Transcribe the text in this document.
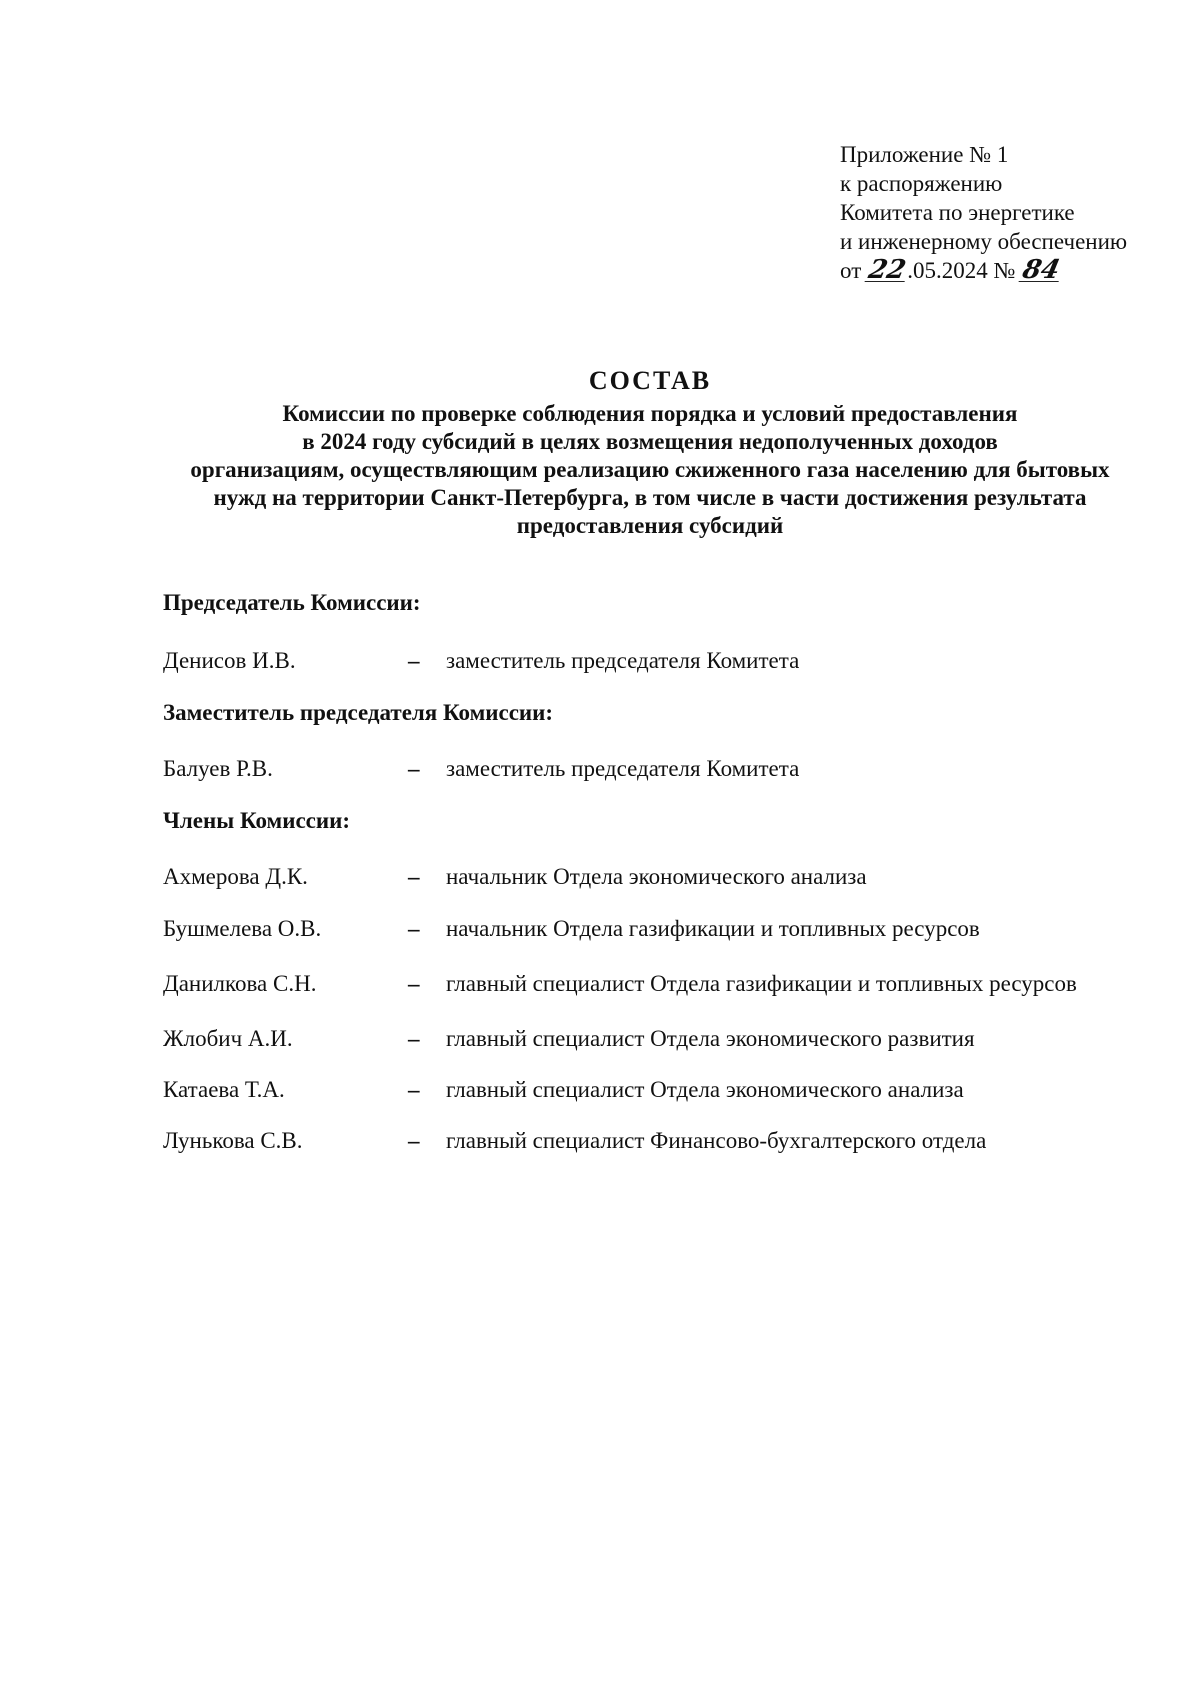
Приложение № 1
к распоряжению
Комитета по энергетике
и инженерному обеспечению
от 22.05.2024 № 84
СОСТАВ
Комиссии по проверке соблюдения порядка и условий предоставления
в 2024 году субсидий в целях возмещения недополученных доходов
организациям, осуществляющим реализацию сжиженного газа населению для бытовых
нужд на территории Санкт-Петербурга, в том числе в части достижения результата
предоставления субсидий
Председатель Комиссии:
Денисов И.В.	– заместитель председателя Комитета
Заместитель председателя Комиссии:
Балуев Р.В.	– заместитель председателя Комитета
Члены Комиссии:
Ахмерова Д.К.	– начальник Отдела экономического анализа
Бушмелева О.В.	– начальник Отдела газификации и топливных ресурсов
Данилкова С.Н.	– главный специалист Отдела газификации и топливных ресурсов
Жлобич А.И.	– главный специалист Отдела экономического развития
Катаева Т.А.	– главный специалист Отдела экономического анализа
Лунькова С.В.	– главный специалист Финансово-бухгалтерского отдела
